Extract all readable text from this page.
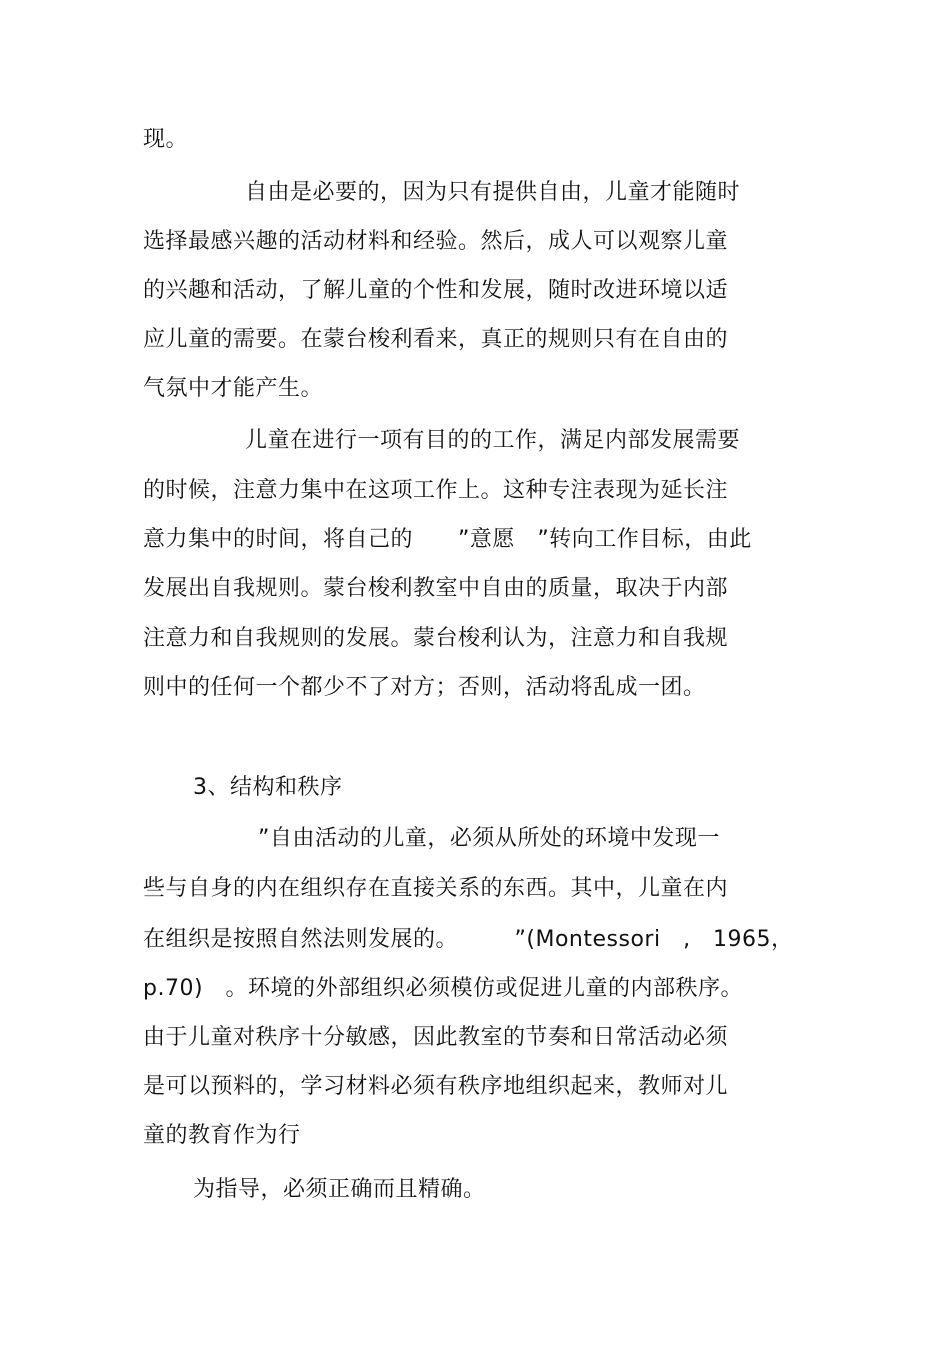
现。
自由是必要的，因为只有提供自由，儿童才能随时
选择最感兴趣的活动材料和经验。然后，成人可以观察儿童
的兴趣和活动，了解儿童的个性和发展，随时改进环境以适
应儿童的需要。在蒙台梭利看来，真正的规则只有在自由的
气氛中才能产生。
儿童在进行一项有目的的工作，满足内部发展需要
的时候，注意力集中在这项工作上。这种专注表现为延长注
意力集中的时间，将自己的　　”意愿　”转向工作目标，由此
发展出自我规则。蒙台梭利教室中自由的质量，取决于内部
注意力和自我规则的发展。蒙台梭利认为，注意力和自我规
则中的任何一个都少不了对方；否则，活动将乱成一团。
3、结构和秩序
”自由活动的儿童，必须从所处的环境中发现一
些与自身的内在组织存在直接关系的东西。其中，儿童在内
在组织是按照自然法则发展的。　　　”(Montessori　,　1965，
p.70)　。环境的外部组织必须模仿或促进儿童的内部秩序。
由于儿童对秩序十分敏感，因此教室的节奏和日常活动必须
是可以预料的，学习材料必须有秩序地组织起来，教师对儿
童的教育作为行
为指导，必须正确而且精确。
